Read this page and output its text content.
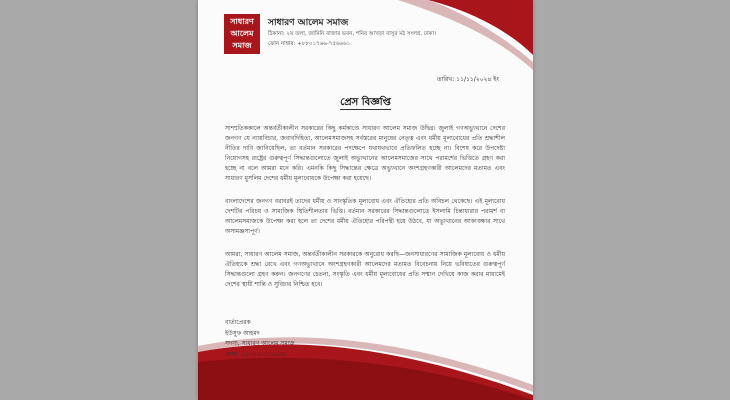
সাধারণ
আলেম
সমাজ
সাধারণ আলেম সমাজ
ঠিকানা: ২য় তলা, জামিনি বাজার ভবন, শনির আখড়া বাসুর মঠ সংলগ্ন, ঢাকা।
ফোন নাম্বার: +৮৮০১৭৬৬-৭৫৬৬৬১
তারিখ: ১১/১১/২০২৪ ইং
প্রেস বিজ্ঞপ্তি

সাম্প্রতিককালে অন্তর্বর্তীকালীন সরকারের কিছু কর্মকাণ্ডে সাধারণ আলেম সমাজ উদ্বিগ্ন। জুলাই গণঅভ্যুত্থানে দেশের জনগণ যে ন্যায়বিচার, জবাবদিহিতা, আলেমসমাজসহ সর্বস্তরের মানুষের নেতৃত্ব এবং ধর্মীয় মূল্যবোধের প্রতি শ্রদ্ধাশীল নীতির দাবি জানিয়েছিল, তা বর্তমান সরকারের পদক্ষেপে যথাযথভাবে প্রতিফলিত হচ্ছে না। বিশেষ করে উপদেষ্টা নিয়োগসহ রাষ্ট্রের গুরুত্বপূর্ণ সিদ্ধান্তগুলোতে জুলাই অভ্যুত্থানের আলেমসমাজের সাথে পরামর্শের ভিত্তিতে গ্রহণ করা হচ্ছে না বলে আমরা মনে করি। এমনকি কিছু সিদ্ধান্তের ক্ষেত্রে অভ্যুত্থানে অংশগ্রহণকারী আলেমদের মতামত এবং সাধারণ মুসলিম দেশের ধর্মীয় মূল্যবোধকে উপেক্ষা করা হয়েছে।

বাংলাদেশের জনগণ বরাবরই তাদের ধর্মীয় ও সাংস্কৃতিক মূল্যবোধ এবং ঐতিহ্যের প্রতি অবিচল থেকেছে। এই মূল্যবোধ দেশটির পরিচয় ও সামাজিক স্থিতিশীলতার ভিত্তি। বর্তমান সরকারের সিদ্ধান্তগুলোতে ইসলামি চিন্তাধারার পরামর্শ বা আলেমসমাজকে উপেক্ষা করা হলে তা দেশের ধর্মীয় ঐতিহ্যের পরিপন্থী হয়ে উঠবে, যা অভ্যুত্থানের আকাঙ্ক্ষার সাথে অসামঞ্জস্যপূর্ণ।

আমরা, সাধারণ আলেম সমাজ, অন্তর্বর্তীকালীন সরকারকে অনুরোধ করছি—জনসাধারণের সামাজিক মূল্যবোধ ও ধর্মীয় ঐতিহ্যকে শ্রদ্ধা রেখে এবং গণঅভ্যুত্থানে অংশগ্রহণকারী আলেমদের মতামত বিবেচনায় নিয়ে ভবিষ্যতের গুরুত্বপূর্ণ সিদ্ধান্তগুলো গ্রহণ করুন। জনগণের চেতনা, সংস্কৃতি এবং ধর্মীয় মূল্যবোধের প্রতি সম্মান দেখিয়ে কাজ করার মাধ্যমেই দেশের স্থায়ী শান্তি ও সুবিচার নিশ্চিত হবে।

বার্তাপ্রেরক
ইউসুফ আহমদ
সদস্য, সাধারণ আলেম সমাজ
ফোন: ০১৭০৪-৭১৪৪৪৯
